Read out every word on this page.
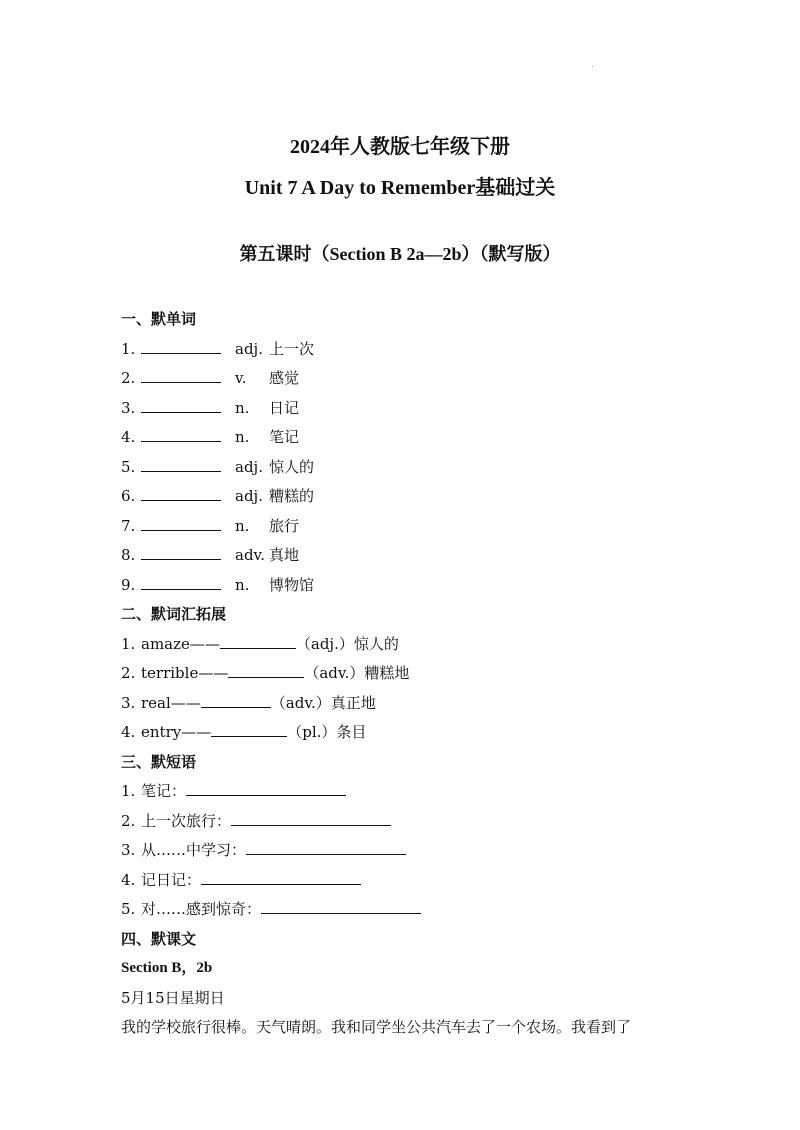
2024年人教版七年级下册
Unit 7 A Day to Remember基础过关
第五课时（Section B 2a—2b）（默写版）
一、默单词
1.	adj. 上一次
2.	v. 感觉
3.	n. 日记
4.	n. 笔记
5.	adj. 惊人的
6.	adj. 糟糕的
7.	n. 旅行
8.	adv. 真地
9.	n. 博物馆
二、默词汇拓展
1. amaze——	（adj.）惊人的
2. terrible——	（adv.）糟糕地
3. real——	（adv.）真正地
4. entry——	（pl.）条目
三、默短语
1. 笔记：
2. 上一次旅行：
3. 从……中学习：
4. 记日记：
5. 对……感到惊奇：
四、默课文
Section B，2b
5月15日星期日
我的学校旅行很棒。天气晴朗。我和同学坐公共汽车去了一个农场。我看到了
